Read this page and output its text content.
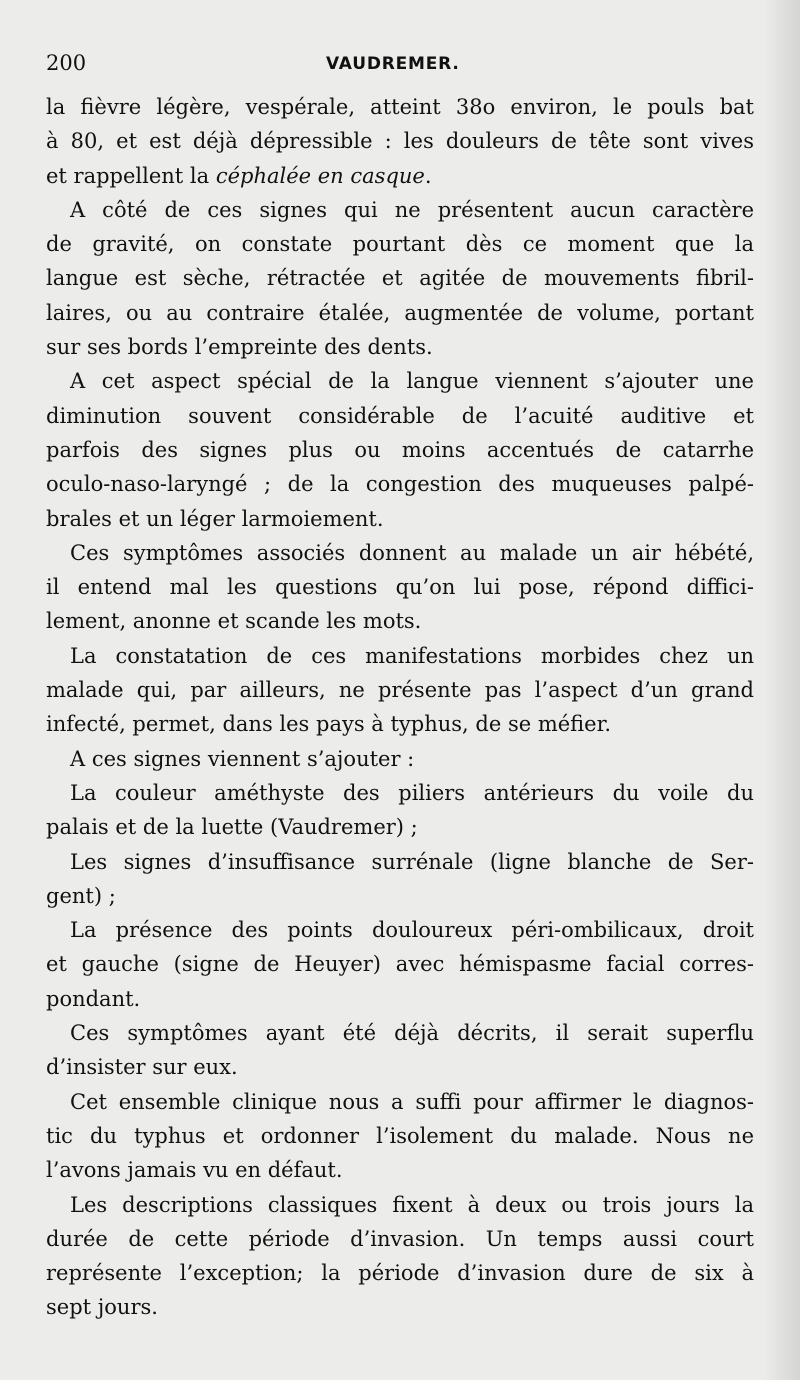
200	VAUDREMER.
la fièvre légère, vespérale, atteint 38o environ, le pouls bat
à 80, et est déjà dépressible : les douleurs de tête sont vives
et rappellent la céphalée en casque.
A côté de ces signes qui ne présentent aucun caractère
de gravité, on constate pourtant dès ce moment que la
langue est sèche, rétractée et agitée de mouvements fibril-
laires, ou au contraire étalée, augmentée de volume, portant
sur ses bords l’empreinte des dents.
A cet aspect spécial de la langue viennent s’ajouter une
diminution souvent considérable de l’acuité auditive et
parfois des signes plus ou moins accentués de catarrhe
oculo-naso-laryngé ; de la congestion des muqueuses palpé-
brales et un léger larmoiement.
Ces symptômes associés donnent au malade un air hébété,
il entend mal les questions qu’on lui pose, répond diffici-
lement, anonne et scande les mots.
La constatation de ces manifestations morbides chez un
malade qui, par ailleurs, ne présente pas l’aspect d’un grand
infecté, permet, dans les pays à typhus, de se méfier.
A ces signes viennent s’ajouter :
La couleur améthyste des piliers antérieurs du voile du
palais et de la luette (Vaudremer) ;
Les signes d’insuffisance surrénale (ligne blanche de Ser-
gent) ;
La présence des points douloureux péri-ombilicaux, droit
et gauche (signe de Heuyer) avec hémispasme facial corres-
pondant.
Ces symptômes ayant été déjà décrits, il serait superflu
d’insister sur eux.
Cet ensemble clinique nous a suffi pour affirmer le diagnos-
tic du typhus et ordonner l’isolement du malade. Nous ne
l’avons jamais vu en défaut.
Les descriptions classiques fixent à deux ou trois jours la
durée de cette période d’invasion. Un temps aussi court
représente l’exception; la période d’invasion dure de six à
sept jours.
